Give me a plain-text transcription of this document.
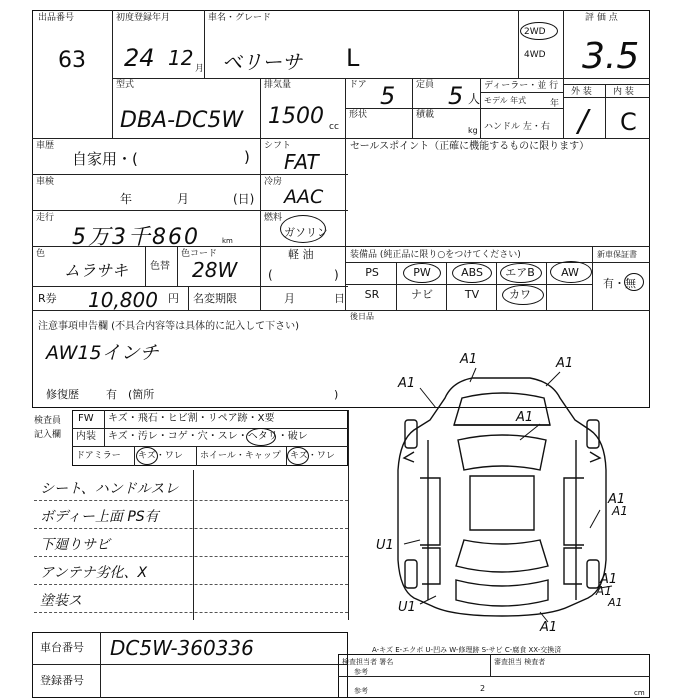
出品番号
63
初度登録年月
24 12 月
車名・グレード
ベリーサ L
2WD
4WD
評 価 点
3.5
型式
DBA-DC5W
排気量
1500 cc
ドア 5 定員 5 人
ディーラー・並 行
モデル 年式	年
形状	積載
kg ハンドル 左・右
外 装 内 装
/ C
車歴
自家用・(	)
シフト
FAT
セールスポイント（正確に機能するものに限ります）
車検
年	月	(日)
冷房
AAC
走行
5万3千860	km
燃料
ガソリン
軽 油
(	)
色
ムラサキ 色替
色コード
28W
R券 10,800 円 名変期限	月	日
装備品 (純正品に限り○をつけてください)	新車保証書
有・無
PS	PW	ABS	エアB	AW
SR	ナビ	TV	カワ
後日品
注意事項申告欄 (不具合内容等は具体的に記入して下さい)
AW15インチ
修復歴 有 (箇所	)
検査員 記入欄
FW キズ・飛石・ヒビ割・リペア跡・X要
内装 キズ・汚レ・コゲ・穴・スレ・ヘタリ・破レ
ドアミラー キズ・ワレ ホイール・キャップ キズ・ワレ
シート、ハンドルスレ
ボディー上面 PS有
下廻りサビ
アンテナ劣化、X
塗装ス
A1	A1
A1
A1
A1
A1
U1
A1
A1
A1
U1
A1
A-キズ E-エクボ U-凹み W-修理跡 S-サビ C-腐食 XX-交換済
車台番号 DC5W-360336
登録番号
検査担当者 署名
参考
審査担当 検査者
参考	2	cm
